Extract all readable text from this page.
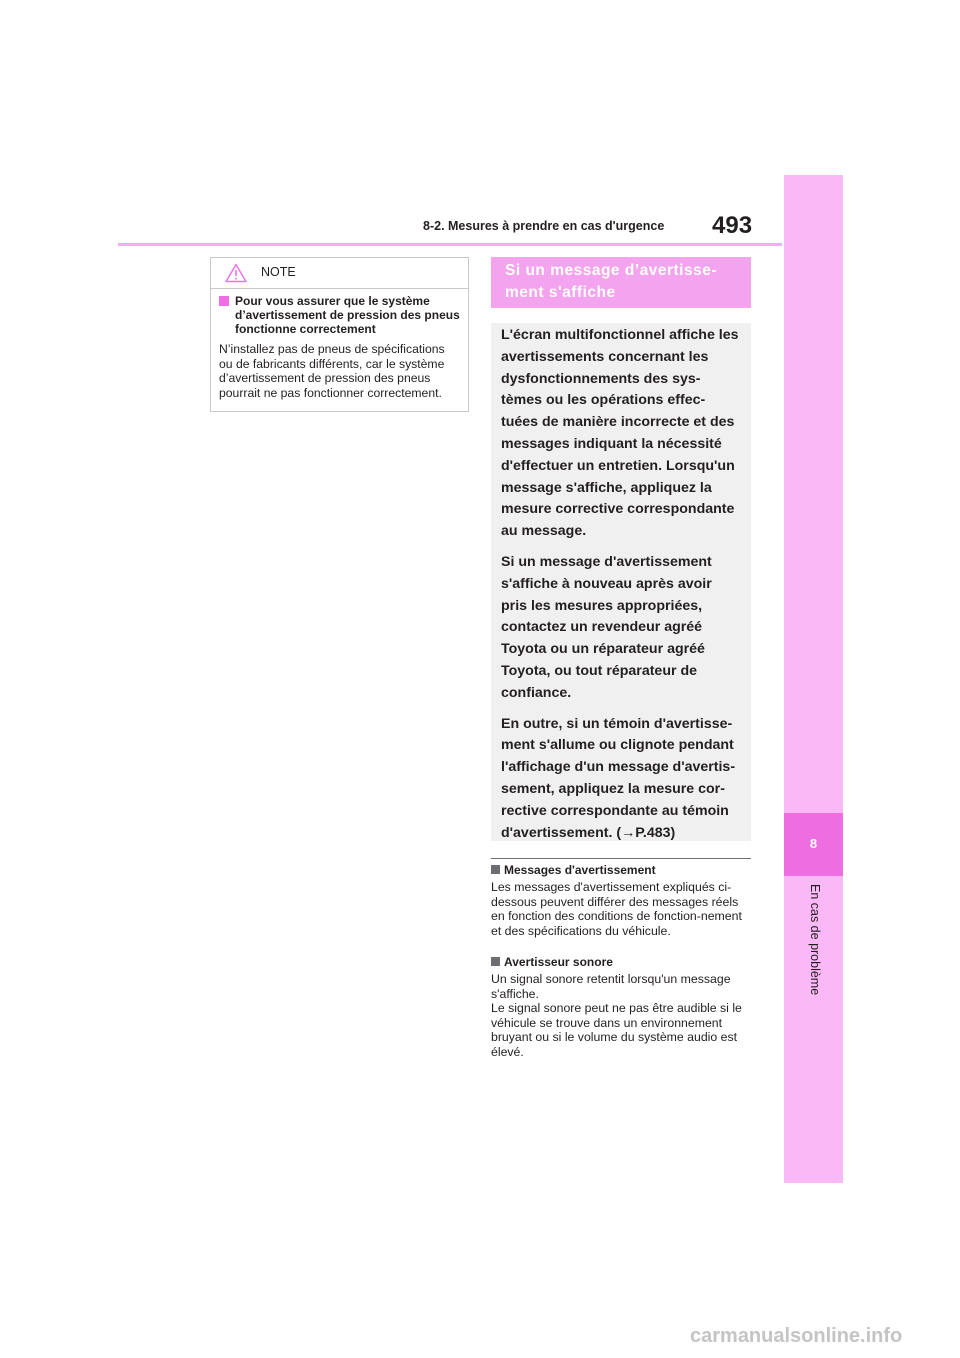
8-2. Mesures à prendre en cas d'urgence 493
8
En cas de problème
NOTE
Pour vous assurer que le système d’avertissement de pression des pneus fonctionne correctement
N’installez pas de pneus de spécifications ou de fabricants différents, car le système d’avertissement de pression des pneus pourrait ne pas fonctionner correctement.
Si un message d’avertisse-
ment s'affiche

L'écran multifonctionnel affiche les avertissements concernant les dysfonctionnements des sys-tèmes ou les opérations effec-tuées de manière incorrecte et des messages indiquant la nécessité d'effectuer un entretien. Lorsqu'un message s'affiche, appliquez la mesure corrective correspondante au message.

Si un message d'avertissement s'affiche à nouveau après avoir pris les mesures appropriées, contactez un revendeur agréé Toyota ou un réparateur agréé Toyota, ou tout réparateur de confiance.

En outre, si un témoin d'avertisse-ment s'allume ou clignote pendant l'affichage d'un message d'avertis-sement, appliquez la mesure cor-rective correspondante au témoin d'avertissement. (→P.483)

Messages d'avertissement
Les messages d'avertissement expliqués ci-dessous peuvent différer des messages réels en fonction des conditions de fonction-nement et des spécifications du véhicule.
Avertisseur sonore
Un signal sonore retentit lorsqu'un message s'affiche.
Le signal sonore peut ne pas être audible si le véhicule se trouve dans un environnement bruyant ou si le volume du système audio est élevé.
carmanualsonline.info
